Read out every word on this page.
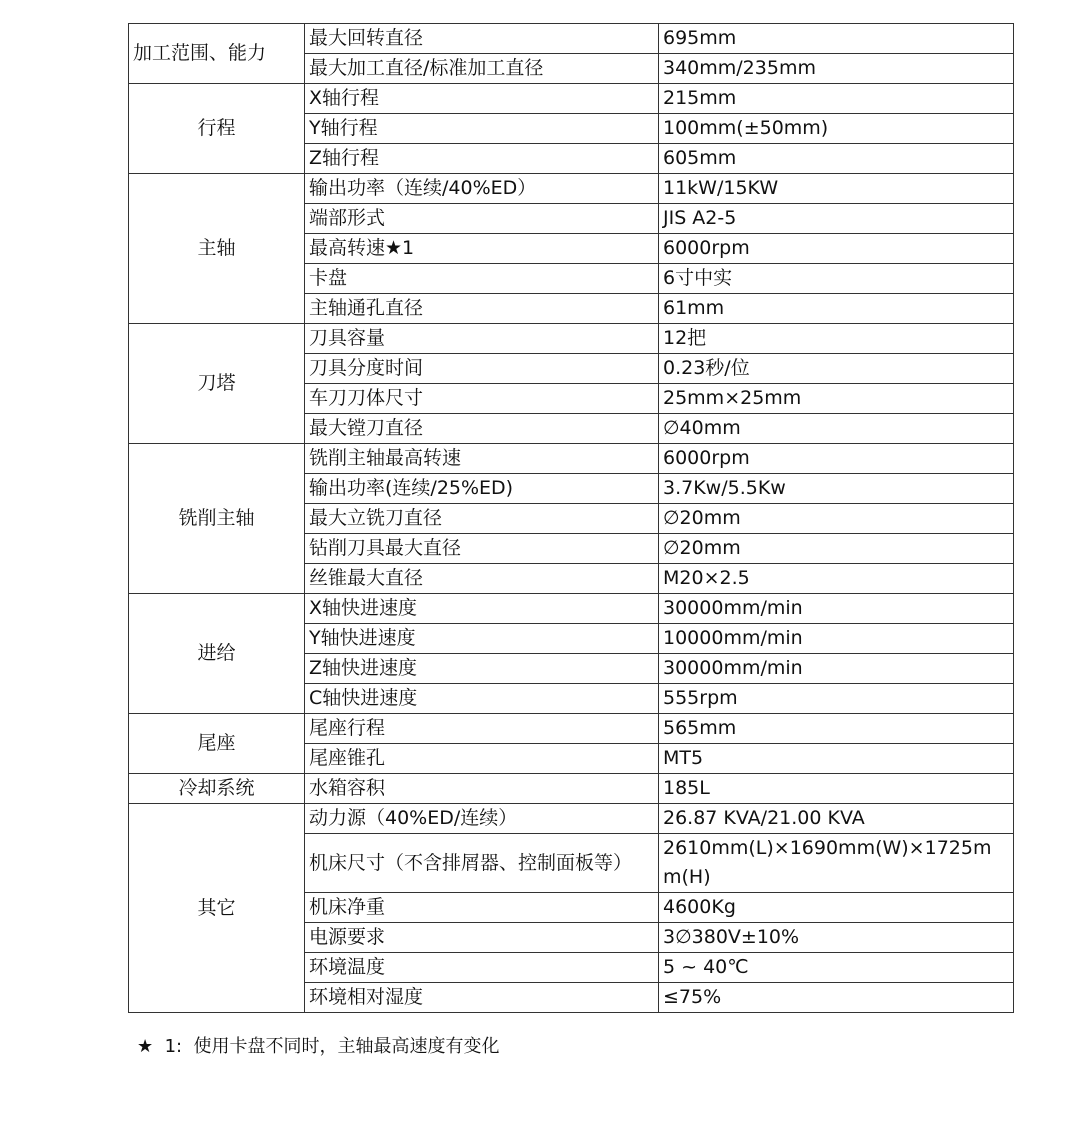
加工范围、能力	最大回转直径	695mm
	最大加工直径/标准加工直径	340mm/235mm
行程	X轴行程	215mm
	Y轴行程	100mm(±50mm)
	Z轴行程	605mm
主轴	输出功率（连续/40%ED）	11kW/15KW
	端部形式	JIS A2-5
	最高转速★1	6000rpm
	卡盘	6寸中实
	主轴通孔直径	61mm
刀塔	刀具容量	12把
	刀具分度时间	0.23秒/位
	车刀刀体尺寸	25mm×25mm
	最大镗刀直径	∅40mm
铣削主轴	铣削主轴最高转速	6000rpm
	输出功率(连续/25%ED)	3.7Kw/5.5Kw
	最大立铣刀直径	∅20mm
	钻削刀具最大直径	∅20mm
	丝锥最大直径	M20×2.5
进给	X轴快进速度	30000mm/min
	Y轴快进速度	10000mm/min
	Z轴快进速度	30000mm/min
	C轴快进速度	555rpm
尾座	尾座行程	565mm
	尾座锥孔	MT5
冷却系统	水箱容积	185L
其它	动力源（40%ED/连续）	26.87 KVA/21.00 KVA
	机床尺寸（不含排屑器、控制面板等）	2610mm(L)×1690mm(W)×1725mm(H)
	机床净重	4600Kg
	电源要求	3∅380V±10%
	环境温度	5 ~ 40℃
	环境相对湿度	≤75%
★  1:  使用卡盘不同时，主轴最高速度有变化
